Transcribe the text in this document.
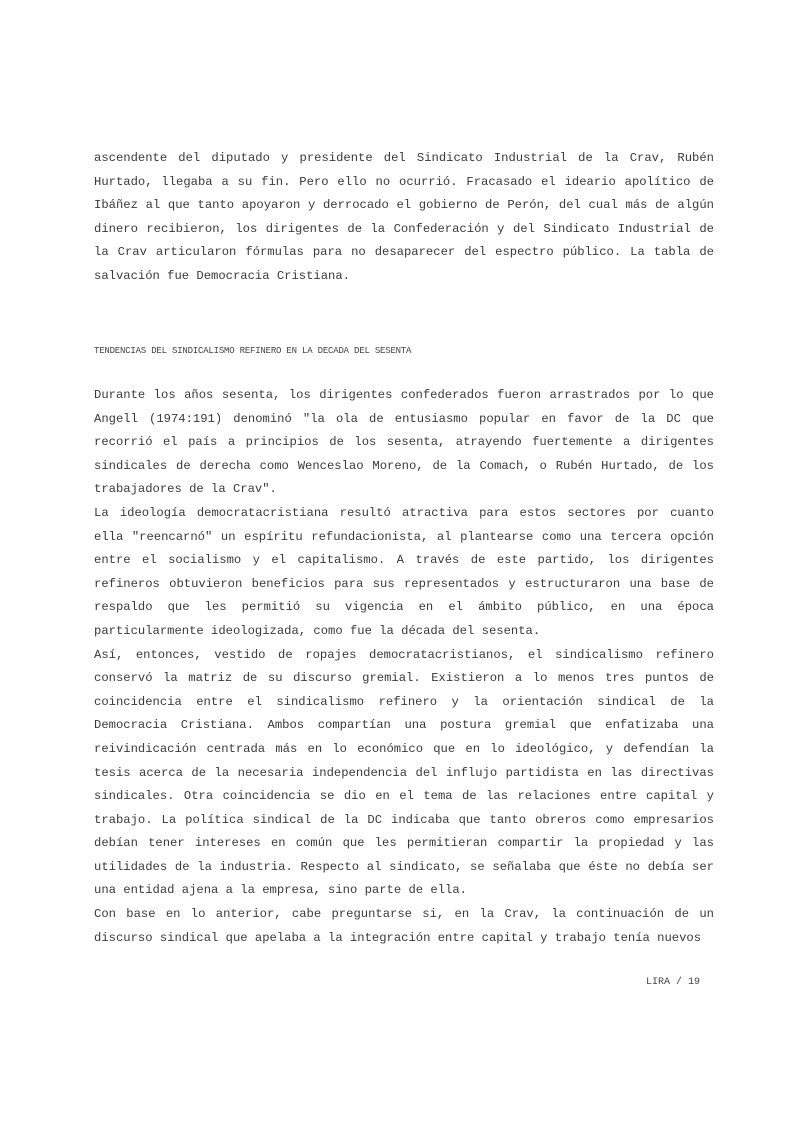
ascendente del diputado y presidente del Sindicato Industrial de la Crav, Rubén Hurtado, llegaba a su fin. Pero ello no ocurrió. Fracasado el ideario apolítico de Ibáñez al que tanto apoyaron y derrocado el gobierno de Perón, del cual más de algún dinero recibieron, los dirigentes de la Confederación y del Sindicato Industrial de la Crav articularon fórmulas para no desaparecer del espectro público. La tabla de salvación fue Democracia Cristiana.

TENDENCIAS DEL SINDICALISMO REFINERO EN LA DECADA DEL SESENTA

Durante los años sesenta, los dirigentes confederados fueron arrastrados por lo que Angell (1974:191) denominó "la ola de entusiasmo popular en favor de la DC que recorrió el país a principios de los sesenta, atrayendo fuertemente a dirigentes sindicales de derecha como Wenceslao Moreno, de la Comach, o Rubén Hurtado, de los trabajadores de la Crav".

La ideología democratacristiana resultó atractiva para estos sectores por cuanto ella "reencarnó" un espíritu refundacionista, al plantearse como una tercera opción entre el socialismo y el capitalismo. A través de este partido, los dirigentes refineros obtuvieron beneficios para sus representados y estructuraron una base de respaldo que les permitió su vigencia en el ámbito público, en una época particularmente ideologizada, como fue la década del sesenta.

Así, entonces, vestido de ropajes democratacristianos, el sindicalismo refinero conservó la matriz de su discurso gremial. Existieron a lo menos tres puntos de coincidencia entre el sindicalismo refinero y la orientación sindical de la Democracia Cristiana. Ambos compartían una postura gremial que enfatizaba una reivindicación centrada más en lo económico que en lo ideológico, y defendían la tesis acerca de la necesaria independencia del influjo partidista en las directivas sindicales. Otra coincidencia se dio en el tema de las relaciones entre capital y trabajo. La política sindical de la DC indicaba que tanto obreros como empresarios debían tener intereses en común que les permitieran compartir la propiedad y las utilidades de la industria. Respecto al sindicato, se señalaba que éste no debía ser una entidad ajena a la empresa, sino parte de ella.

Con base en lo anterior, cabe preguntarse si, en la Crav, la continuación de un discurso sindical que apelaba a la integración entre capital y trabajo tenía nuevos

LIRA / 19
